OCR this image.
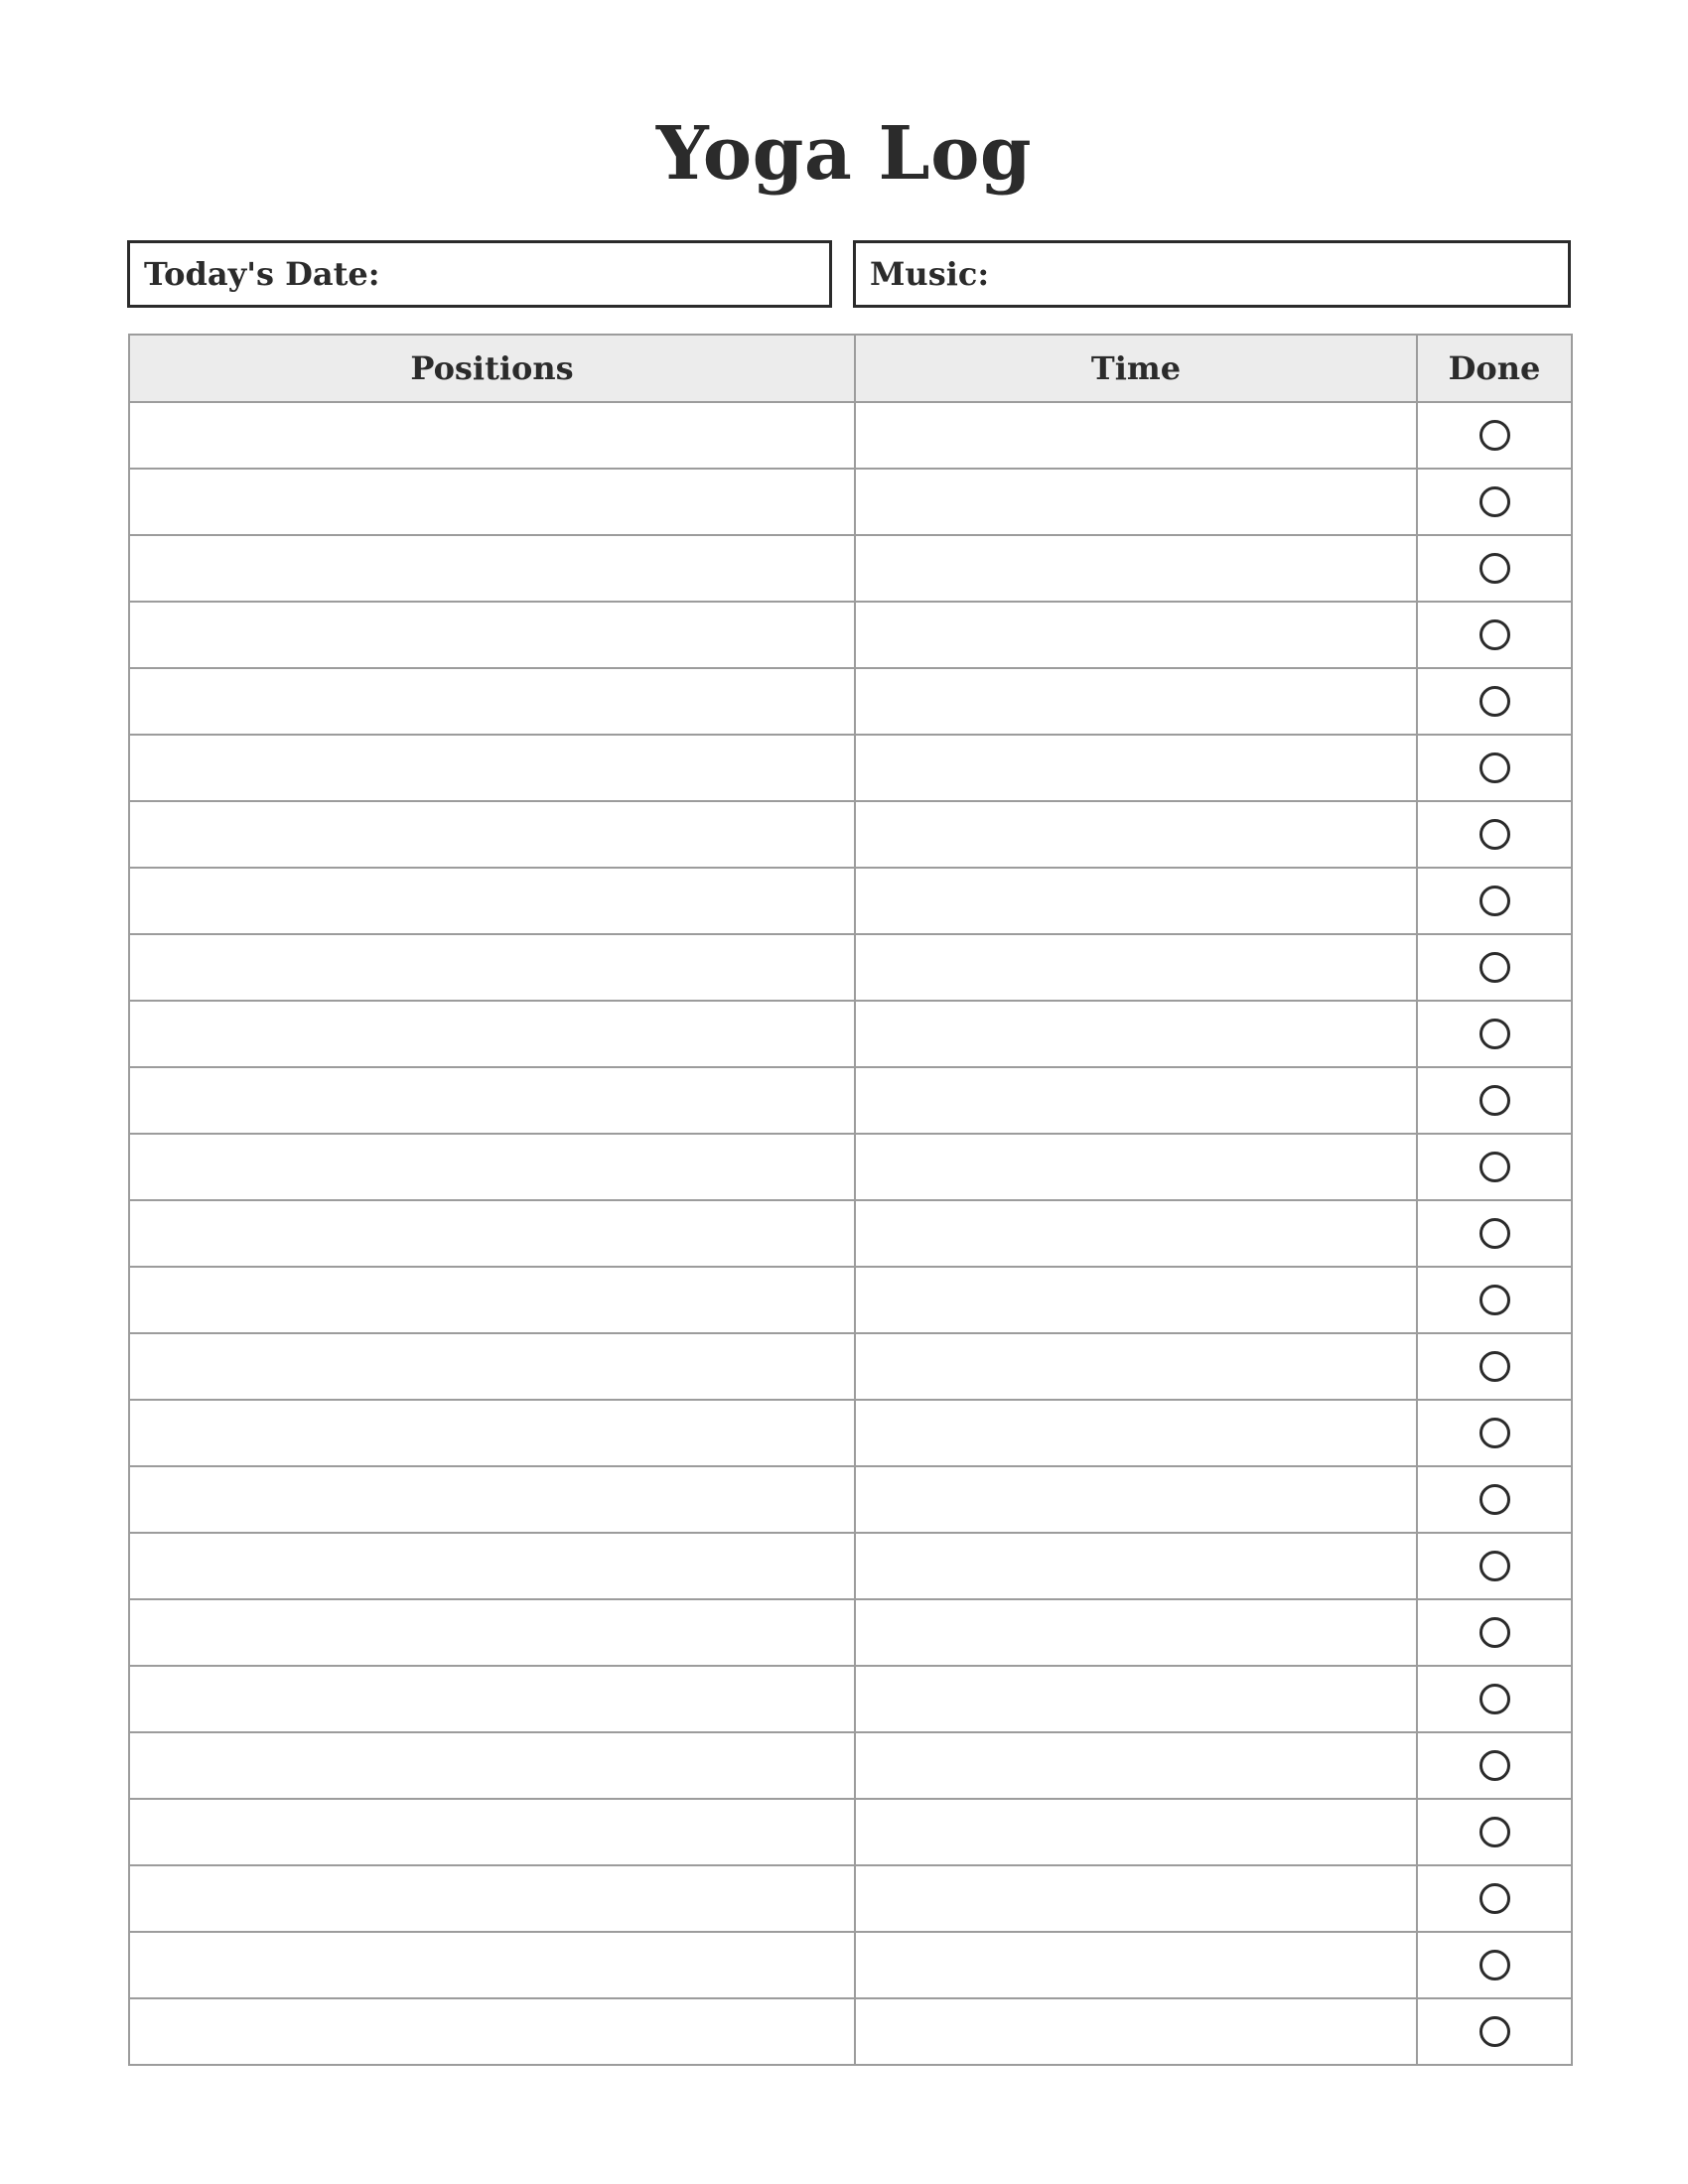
Yoga Log
Today's Date:	Music:
Positions	Time	Done
